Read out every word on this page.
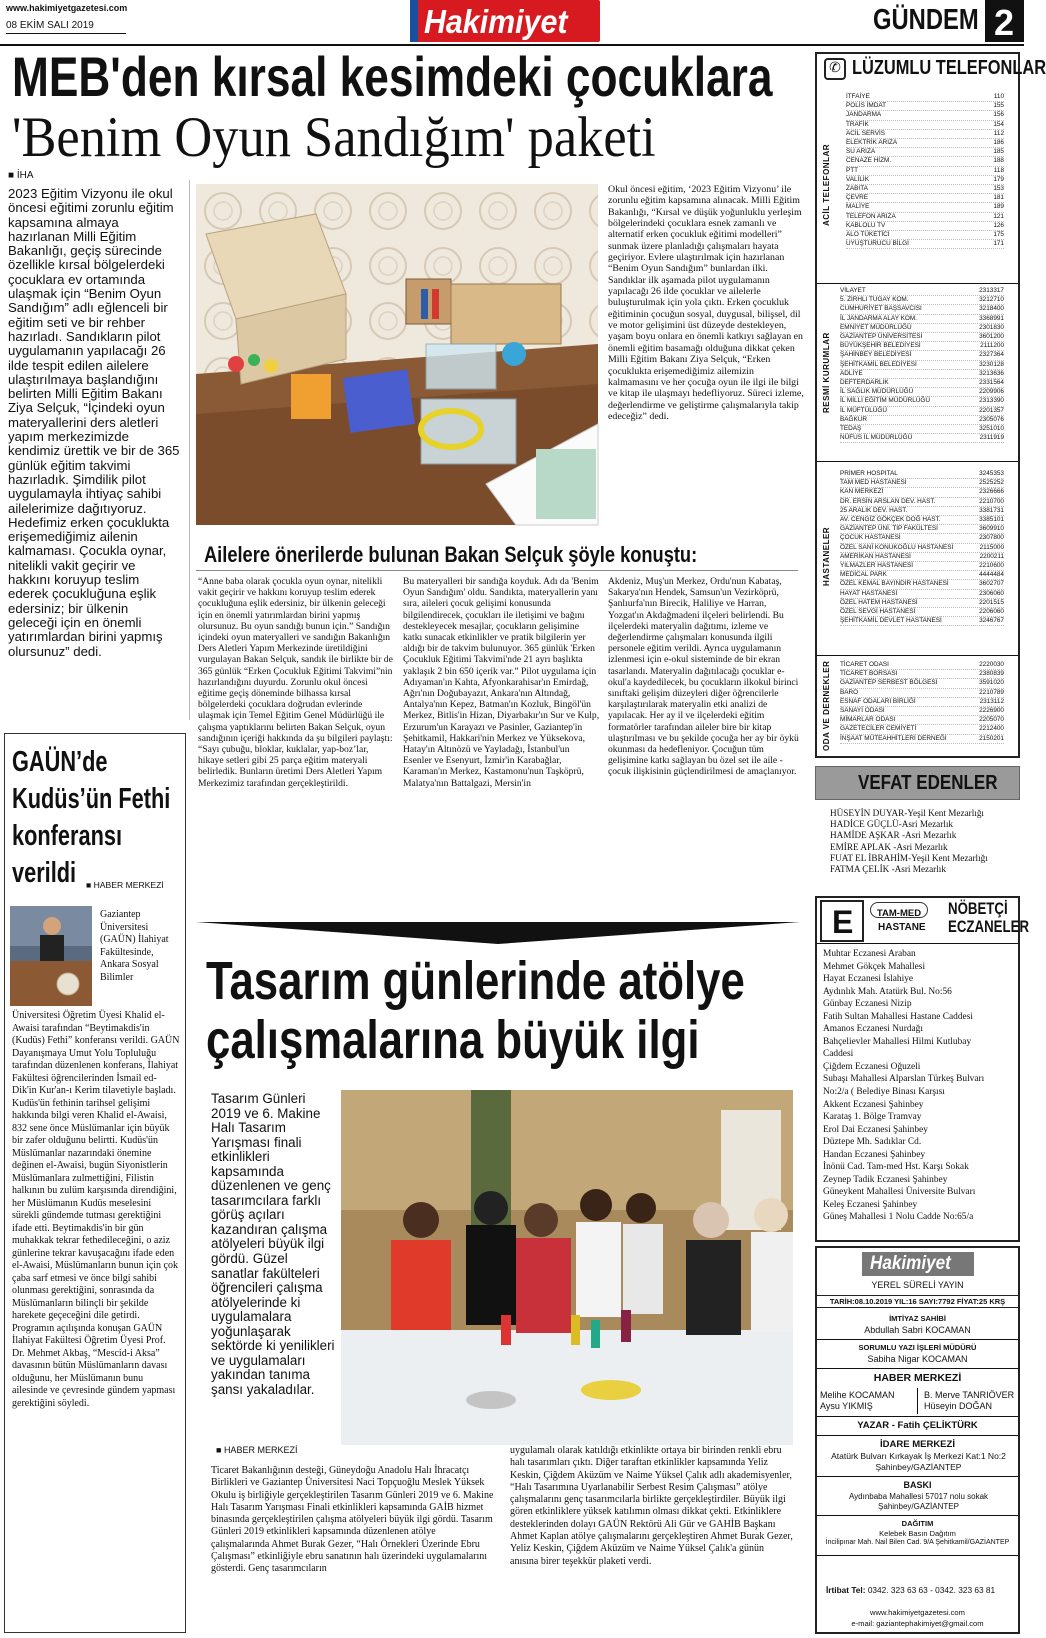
www.hakimiyetgazetesi.com
08 EKİM SALI 2019	Hakimiyet	GÜNDEM 2
MEB'den kırsal kesimdeki çocuklara
'Benim Oyun Sandığım' paketi
■ İHA

2023 Eğitim Vizyonu ile okul öncesi eğitimi zorunlu eğitim kapsamına almaya hazırlanan Milli Eğitim Bakanlığı, geçiş sürecinde özellikle kırsal bölgelerdeki çocuklara ev ortamında ulaşmak için “Benim Oyun Sandığım” adlı eğlenceli bir eğitim seti ve bir rehber hazırladı. Sandıkların pilot uygulamanın yapılacağı 26 ilde tespit edilen ailelere ulaştırılmaya başlandığını belirten Milli Eğitim Bakanı Ziya Selçuk, “İçindeki oyun materyallerini ders aletleri yapım merkezimizde kendimiz ürettik ve bir de 365 günlük eğitim takvimi hazırladık. Şimdilik pilot uygulamayla ihtiyaç sahibi ailelerimize dağıtıyoruz. Hedefimiz erken çocuklukta erişemediğimiz ailenin kalmaması. Çocukla oynar, nitelikli vakit geçirir ve hakkını koruyup teslim ederek çocukluğuna eşlik edersiniz; bir ülkenin geleceği için en önemli yatırımlardan birini yapmış olursunuz” dedi.

Okul öncesi eğitim, ‘2023 Eğitim Vizyonu’ ile zorunlu eğitim kapsamına alınacak. Milli Eğitim Bakanlığı, “Kırsal ve düşük yoğunluklu yerleşim bölgelerindeki çocuklara esnek zamanlı ve alternatif erken çocukluk eğitimi modelleri” sunmak üzere planladığı çalışmaları hayata geçiriyor. Evlere ulaştırılmak için hazırlanan “Benim Oyun Sandığım” bunlardan ilki. Sandıklar ilk aşamada pilot uygulamanın yapılacağı 26 ilde çocuklar ve ailelerle buluşturulmak için yola çıktı. Erken çocukluk eğitiminin çocuğun sosyal, duygusal, bilişsel, dil ve motor gelişimini üst düzeyde destekleyen, yaşam boyu onlara en önemli katkıyı sağlayan en önemli eğitim basamağı olduğuna dikkat çeken Milli Eğitim Bakanı Ziya Selçuk, “Erken çocuklukta erişemediğimiz ailemizin kalmamasını ve her çocuğa oyun ile ilgi ile bilgi ve kitap ile ulaşmayı hedefliyoruz. Süreci izleme, değerlendirme ve geliştirme çalışmalarıyla takip edeceğiz” dedi.

Ailelere önerilerde bulunan Bakan Selçuk şöyle konuştu:

“Anne baba olarak çocukla oyun oynar, nitelikli vakit geçirir ve hakkını koruyup teslim ederek çocukluğuna eşlik edersiniz, bir ülkenin geleceği için en önemli yatırımlardan birini yapmış olursunuz. Bu oyun sandığı bunun için.” Sandığın içindeki oyun materyalleri ve sandığın Bakanlığın Ders Aletleri Yapım Merkezinde üretildiğini vurgulayan Bakan Selçuk, sandık ile birlikte bir de 365 günlük “Erken Çocukluk Eğitimi Takvimi”nin hazırlandığını duyurdu. Zorunlu okul öncesi eğitime geçiş döneminde bilhassa kırsal bölgelerdeki çocuklara doğrudan evlerinde ulaşmak için Temel Eğitim Genel Müdürlüğü ile çalışma yaptıklarını belirten Bakan Selçuk, oyun sandığının içeriği hakkında da şu bilgileri paylaştı: “Sayı çubuğu, bloklar, kuklalar, yap-boz’lar, hikaye setleri gibi 25 parça eğitim materyali belirledik. Bunların üretimi Ders Aletleri Yapım Merkezimiz tarafından gerçekleştirildi.

Bu materyalleri bir sandığa koyduk. Adı da 'Benim Oyun Sandığım' oldu. Sandıkta, materyallerin yanı sıra, aileleri çocuk gelişimi konusunda bilgilendirecek, çocukları ile iletişimi ve bağını destekleyecek mesajlar, çocukların gelişimine katkı sunacak etkinlikler ve pratik bilgilerin yer aldığı bir de takvim bulunuyor. 365 günlük 'Erken Çocukluk Eğitimi Takvimi'nde 21 ayrı başlıkta yaklaşık 2 bin 650 içerik var.” Pilot uygulama için Adıyaman'ın Kahta, Afyonkarahisar'ın Emirdağ, Ağrı'nın Doğubayazıt, Ankara'nın Altındağ, Antalya'nın Kepez, Batman'ın Kozluk, Bingöl'ün Merkez, Bitlis'in Hizan, Diyarbakır'ın Sur ve Kulp, Erzurum'un Karayazı ve Pasinler, Gaziantep'in Şehitkamil, Hakkari'nin Merkez ve Yüksekova, Hatay'ın Altınözü ve Yayladağı, İstanbul'un Esenler ve Esenyurt, İzmir'in Karabağlar, Karaman'ın Merkez, Kastamonu'nun Taşköprü, Malatya'nın Battalgazi, Mersin'in

Akdeniz, Muş'un Merkez, Ordu'nun Kabataş, Sakarya'nın Hendek, Samsun'un Vezirköprü, Şanlıurfa'nın Birecik, Haliliye ve Harran, Yozgat'ın Akdağmadeni ilçeleri belirlendi. Bu ilçelerdeki materyalin dağıtımı, izleme ve değerlendirme çalışmaları konusunda ilgili personele eğitim verildi. Ayrıca uygulamanın izlenmesi için e-okul sisteminde de bir ekran tasarlandı. Materyalin dağıtılacağı çocuklar e-okul'a kaydedilecek, bu çocukların ilkokul birinci sınıftaki gelişim düzeyleri diğer öğrencilerle karşılaştırılarak materyalin etki analizi de yapılacak. Her ay il ve ilçelerdeki eğitim formatörler tarafından aileler bire bir kitap ulaştırılması ve bu şekilde çocuğa her ay bir öykü okunması da hedefleniyor. Çocuğun tüm gelişimine katkı sağlayan bu özel set ile aile - çocuk ilişkisinin güçlendirilmesi de amaçlanıyor.

GAÜN’de
Kudüs’ün Fethi
konferansı
verildi ■ HABER MERKEZİ

Gaziantep Üniversitesi (GAÜN) İlahiyat Fakültesinde, Ankara Sosyal Bilimler

Üniversitesi Öğretim Üyesi Khalid el-Awaisi tarafından “Beytimakdis'in (Kudüs) Fethi” konferansı verildi. GAÜN Dayanışmaya Umut Yolu Topluluğu tarafından düzenlenen konferans, İlahiyat Fakültesi öğrencilerinden İsmail ed-Dik'in Kur'an-ı Kerim tilavetiyle başladı. Kudüs'ün fethinin tarihsel gelişimi hakkında bilgi veren Khalid el-Awaisi, 832 sene önce Müslümanlar için büyük bir zafer olduğunu belirtti. Kudüs'ün Müslümanlar nazarındaki önemine değinen el-Awaisi, bugün Siyonistlerin Müslümanlara zulmettiğini, Filistin halkının bu zulüm karşısında direndiğini, her Müslümanın Kudüs meselesini sürekli gündemde tutması gerektiğini ifade etti. Beytimakdis'in bir gün muhakkak tekrar fethedileceğini, o aziz günlerine tekrar kavuşacağını ifade eden el-Awaisi, Müslümanların bunun için çok çaba sarf etmesi ve önce bilgi sahibi olunması gerektiğini, sonrasında da Müslümanların bilinçli bir şekilde harekete geçeceğini dile getirdi. Programın açılışında konuşan GAÜN İlahiyat Fakültesi Öğretim Üyesi Prof. Dr. Mehmet Akbaş, “Mescid-i Aksa” davasının bütün Müslümanların davası olduğunu, her Müslümanın bunu ailesinde ve çevresinde gündem yapması gerektiğini söyledi.

Tasarım günlerinde atölye
çalışmalarına büyük ilgi

Tasarım Günleri 2019 ve 6. Makine Halı Tasarım Yarışması finali etkinlikleri kapsamında düzenlenen ve genç tasarımcılara farklı görüş açıları kazandıran çalışma atölyeleri büyük ilgi gördü. Güzel sanatlar fakülteleri öğrencileri çalışma atölyelerinde ki uygulamalara yoğunlaşarak sektörde ki yenilikleri ve uygulamaları yakından tanıma şansı yakaladılar.

■ HABER MERKEZİ

Ticaret Bakanlığının desteği, Güneydoğu Anadolu Halı İhracatçı Birlikleri ve Gaziantep Üniversitesi Naci Topçuoğlu Meslek Yüksek Okulu iş birliğiyle gerçekleştirilen Tasarım Günleri 2019 ve 6. Makine Halı Tasarım Yarışması Finali etkinlikleri kapsamında GAİB hizmet binasında gerçekleştirilen çalışma atölyeleri büyük ilgi gördü. Tasarım Günleri 2019 etkinlikleri kapsamında düzenlenen atölye çalışmalarında Ahmet Burak Gezer, “Halı Örnekleri Üzerinde Ebru Çalışması” etkinliğiyle ebru sanatının halı üzerindeki uygulamalarını gösterdi. Genç tasarımcıların

uygulamalı olarak katıldığı etkinlikte ortaya bir birinden renkli ebru halı tasarımları çıktı. Diğer taraftan etkinlikler kapsamında Yeliz Keskin, Çiğdem Aküzüm ve Naime Yüksel Çalık adlı akademisyenler, “Halı Tasarımına Uyarlanabilir Serbest Resim Çalışması” atölye çalışmalarını genç tasarımcılarla birlikte gerçekleştirdiler. Büyük ilgi gören etkinliklere yüksek katılımın olması dikkat çekti. Etkinliklere desteklerinden dolayı GAÜN Rektörü Ali Gür ve GAHİB Başkanı Ahmet Kaplan atölye çalışmalarını gerçekleştiren Ahmet Burak Gezer, Yeliz Keskin, Çiğdem Aküzüm ve Naime Yüksel Çalık'a günün anısına birer teşekkür plaketi verdi.

✆ LÜZUMLU TELEFONLAR
ACİL TELEFONLAR
İTFAİYE	110
POLİS İMDAT	155
JANDARMA	156
TRAFİK	154
ACİL SERVİS	112
ELEKTRİK ARIZA	186
SU ARIZA	185
CENAZE HİZM.	188
PTT	118
VALİLİK	179
ZABITA	153
ÇEVRE	181
MALİYE	189
TELEFON ARIZA	121
KABLOLU TV	126
ALO TÜKETİCİ	175
UYUŞTURUCU BİLGİ	171
RESMİ KURUMLAR
VİLAYET	2313317
5. ZIRHLI TUGAY KOM.	3212710
CUMHURİYET BAŞSAVCISI	3218400
İL JANDARMA ALAY KOM.	3368991
EMNİYET MÜDÜRLÜĞÜ	2301830
GAZİANTEP ÜNİVERSİTESİ	3601200
BÜYÜKŞEHİR BELEDİYESİ	2111200
ŞAHİNBEY BELEDİYESİ	2327364
ŞEHİTKAMİL BELEDİYESİ	3230128
ADLİYE	3213636
DEFTERDARLIK	2331564
İL SAĞLIK MÜDÜRLÜĞÜ	2209906
İL MİLLİ EĞİTİM MÜDÜRLÜĞÜ	2313390
İL MÜFTÜLÜĞÜ	2201357
BAĞKUR	2305076
TEDAŞ	3251010
NÜFUS İL MÜDÜRLÜĞÜ	2311919
HASTANELER
PRİMER HOSPITAL	3245353
TAM MED HASTANESİ	2525252
KAN MERKEZİ	2326666
DR. ERSİN ARSLAN DEV. HAST.	2210700
25 ARALIK DEV. HAST.	3381731
AV. CENGİZ GÖKÇEK DOĞ HAST.	3385101
GAZİANTEP ÜNİ. TIP FAKÜLTESİ	3609910
ÇOCUK HASTANESİ	2307800
ÖZEL SANİ KONUKOĞLU HASTANESİ	2115000
AMERİKAN HASTANESİ	2200211
YILMAZLER HASTANESİ	2210600
MEDİCAL PARK	4444484
ÖZEL KEMAL BAYINDIR HASTANESİ	3602707
HAYAT HASTANESİ	2306060
ÖZEL HATEM HASTANESİ	2201515
ÖZEL SEVGİ HASTANESİ	2206060
ŞEHİTKAMİL DEVLET HASTANESİ	3246767
ODA VE DERNEKLER	TİCARET ODASI	2220030
TİCARET BORSASI	2380839
GAZİANTEP SERBEST BÖLGESİ	3591020
BARO	2210789
ESNAF ODALARI BİRLİĞİ	2313112
SANAYİ ODASI	2226900
MİMARLAR ODASI	2205070
GAZETECİLER CEMİYETİ	2212400
İNŞAAT MÜTEAHHİTLERİ DERNEĞİ	2150201
VEFAT EDENLER
HÜSEYİN DUYAR-Yeşil Kent Mezarlığı
HADİCE GÜÇLÜ-Asri Mezarlık
HAMİDE AŞKAR -Asri Mezarlık
EMİRE APLAK -Asri Mezarlık
FUAT EL İBRAHİM-Yeşil Kent Mezarlığı
FATMA ÇELİK -Asri Mezarlık
E	TAM-MED
HASTANE
NÖBETÇİ
ECZANELER
Muhtar Eczanesi Araban
Mehmet Gökçek Mahallesi
Hayat Eczanesi İslahiye
Aydınlık Mah. Atatürk Bul. No:56
Günbay Eczanesi Nizip
Fatih Sultan Mahallesi Hastane Caddesi
Amanos Eczanesi Nurdağı
Bahçelievler Mahallesi Hilmi Kutlubay
Caddesi
Çiğdem Eczanesi Oğuzeli
Subaşı Mahallesi Alparslan Türkeş Bulvarı
No:2/a ( Belediye Binası Karşısı
Akkent Eczanesi Şahinbey
Karataş 1. Bölge Tramvay
Erol Dai Eczanesi Şahinbey
Düztepe Mh. Sadıklar Cd.
Handan Eczanesi Şahinbey
İnönü Cad. Tam-med Hst. Karşı Sokak
Zeynep Tadik Eczanesi Şahinbey
Güneykent Mahallesi Üniversite Bulvarı
Keleş Eczanesi Şahinbey
Güneş Mahallesi 1 Nolu Cadde No:65/a
Hakimiyet
YEREL SÜRELİ YAYIN
TARİH:08.10.2019 YIL:16 SAYI:7792 FİYAT:25 KRŞ
İMTİYAZ SAHİBİ
Abdullah Sabri KOCAMAN
SORUMLU YAZI İŞLERİ MÜDÜRÜ
Sabiha Nigar KOCAMAN
HABER MERKEZİ
Melihe KOCAMAN
Aysu YIKMIŞ
B. Merve TANRIÖVER
Hüseyin DOĞAN
YAZAR - Fatih ÇELİKTÜRK
İDARE MERKEZİ
Atatürk Bulvarı Kırkayak İş Merkezi Kat:1 No:2 Şahinbey/GAZİANTEP
BASKI
Aydınbaba Mahallesi 57017 nolu sokak Şahinbey/GAZİANTEP
DAĞITIM
Kelebek Basın Dağıtım
İncilipınar Mah. Nail Bilen Cad. 9/A Şehitkamil/GAZİANTEP
İrtibat Tel: 0342. 323 63 63 - 0342. 323 63 81
www.hakimiyetgazetesi.com
e-mail: gaziantephakimiyet@gmail.com
